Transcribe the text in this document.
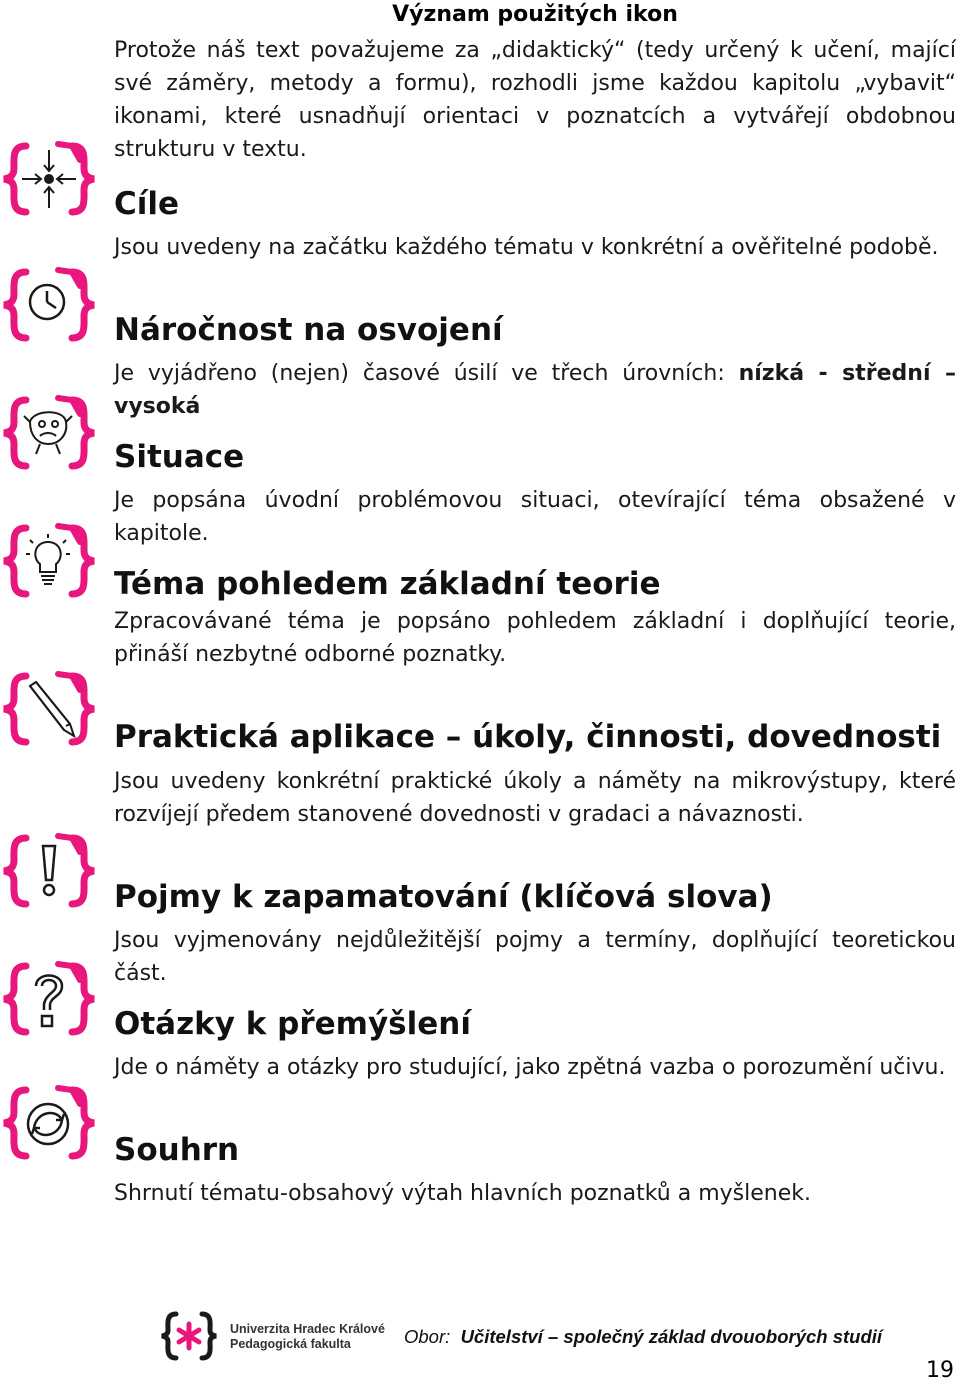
Význam použitých ikon

Protože náš text považujeme za „didaktický“ (tedy určený k učení, mající své záměry, metody a formu), rozhodli jsme každou kapitolu „vybavit“ ikonami, které usnadňují orientaci v poznatcích a vytvářejí obdobnou strukturu v textu.

Cíle

Jsou uvedeny na začátku každého tématu v konkrétní a ověřitelné podobě.

Náročnost na osvojení

Je vyjádřeno (nejen) časové úsilí ve třech úrovních: nízká - střední – vysoká

Situace

Je popsána úvodní problémovou situaci, otevírající téma obsažené v kapitole.

Téma pohledem základní teorie

Zpracovávané téma je popsáno pohledem základní i doplňující teorie, přináší nezbytné odborné poznatky.

Praktická aplikace – úkoly, činnosti, dovednosti

Jsou uvedeny konkrétní praktické úkoly a náměty na mikrovýstupy, které rozvíjejí předem stanovené dovednosti v gradaci a návaznosti.

Pojmy k zapamatování (klíčová slova)

Jsou vyjmenovány nejdůležitější pojmy a termíny, doplňující teoretickou část.

Otázky k přemýšlení

Jde o náměty a otázky pro studující, jako zpětná vazba o porozumění učivu.

Souhrn

Shrnutí tématu-obsahový výtah hlavních poznatků a myšlenek.

Univerzita Hradec Králové
Pedagogická fakulta	Obor: Učitelství – společný základ dvouoborých studií
19
